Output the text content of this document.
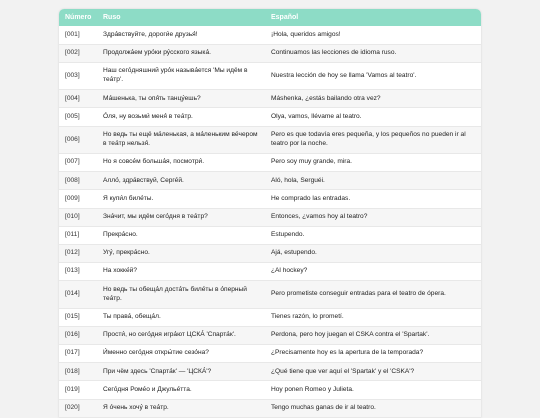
Número	Ruso	Español
[001]	Здра́вствуйте, дороги́е друзья́!	¡Hola, queridos amigos!
[002]	Продолжа́ем уро́ки ру́сского языка́.	Continuamos las lecciones de idioma ruso.
[003]	Наш сего́дняшний уро́к называ́ется 'Мы идём в теа́тр'.	Nuestra lección de hoy se llama 'Vamos al teatro'.
[004]	Ма́шенька, ты опя́ть танцу́ешь?	Máshenka, ¿estás bailando otra vez?
[005]	О́ля, ну возьми́ меня́ в теа́тр.	Olya, vamos, llévame al teatro.
[006]	Но ведь ты ещё ма́ленькая, а ма́леньким ве́чером в теа́тр нельзя́.	Pero es que todavía eres pequeña, y los pequeños no pueden ir al teatro por la noche.
[007]	Но я совсе́м больша́я, посмотри́.	Pero soy muy grande, mira.
[008]	Алло́, здра́вствуй, Серге́й.	Aló, hola, Serguéi.
[009]	Я купи́л биле́ты.	He comprado las entradas.
[010]	Зна́чит, мы идём сего́дня в теа́тр?	Entonces, ¿vamos hoy al teatro?
[011]	Прекра́сно.	Estupendo.
[012]	Угу́, прекра́сно.	Ajá, estupendo.
[013]	На хокке́й?	¿Al hockey?
[014]	Но ведь ты обеща́л доста́ть биле́ты в о́перный теа́тр.	Pero prometiste conseguir entradas para el teatro de ópera.
[015]	Ты права́, обеща́л.	Tienes razón, lo prometí.
[016]	Прости́, но сего́дня игра́ют ЦСКА́ 'Спарта́к'.	Perdona, pero hoy juegan el CSKA contra el 'Spartak'.
[017]	И́менно сего́дня откры́тие сезо́на?	¿Precisamente hoy es la apertura de la temporada?
[018]	При чём здесь 'Спарта́к' — 'ЦСКА́'?	¿Qué tiene que ver aquí el 'Spartak' y el 'CSKA'?
[019]	Сего́дня Роме́о и Джулье́тта.	Hoy ponen Romeo y Julieta.
[020]	Я о́чень хочу́ в теа́тр.	Tengo muchas ganas de ir al teatro.
